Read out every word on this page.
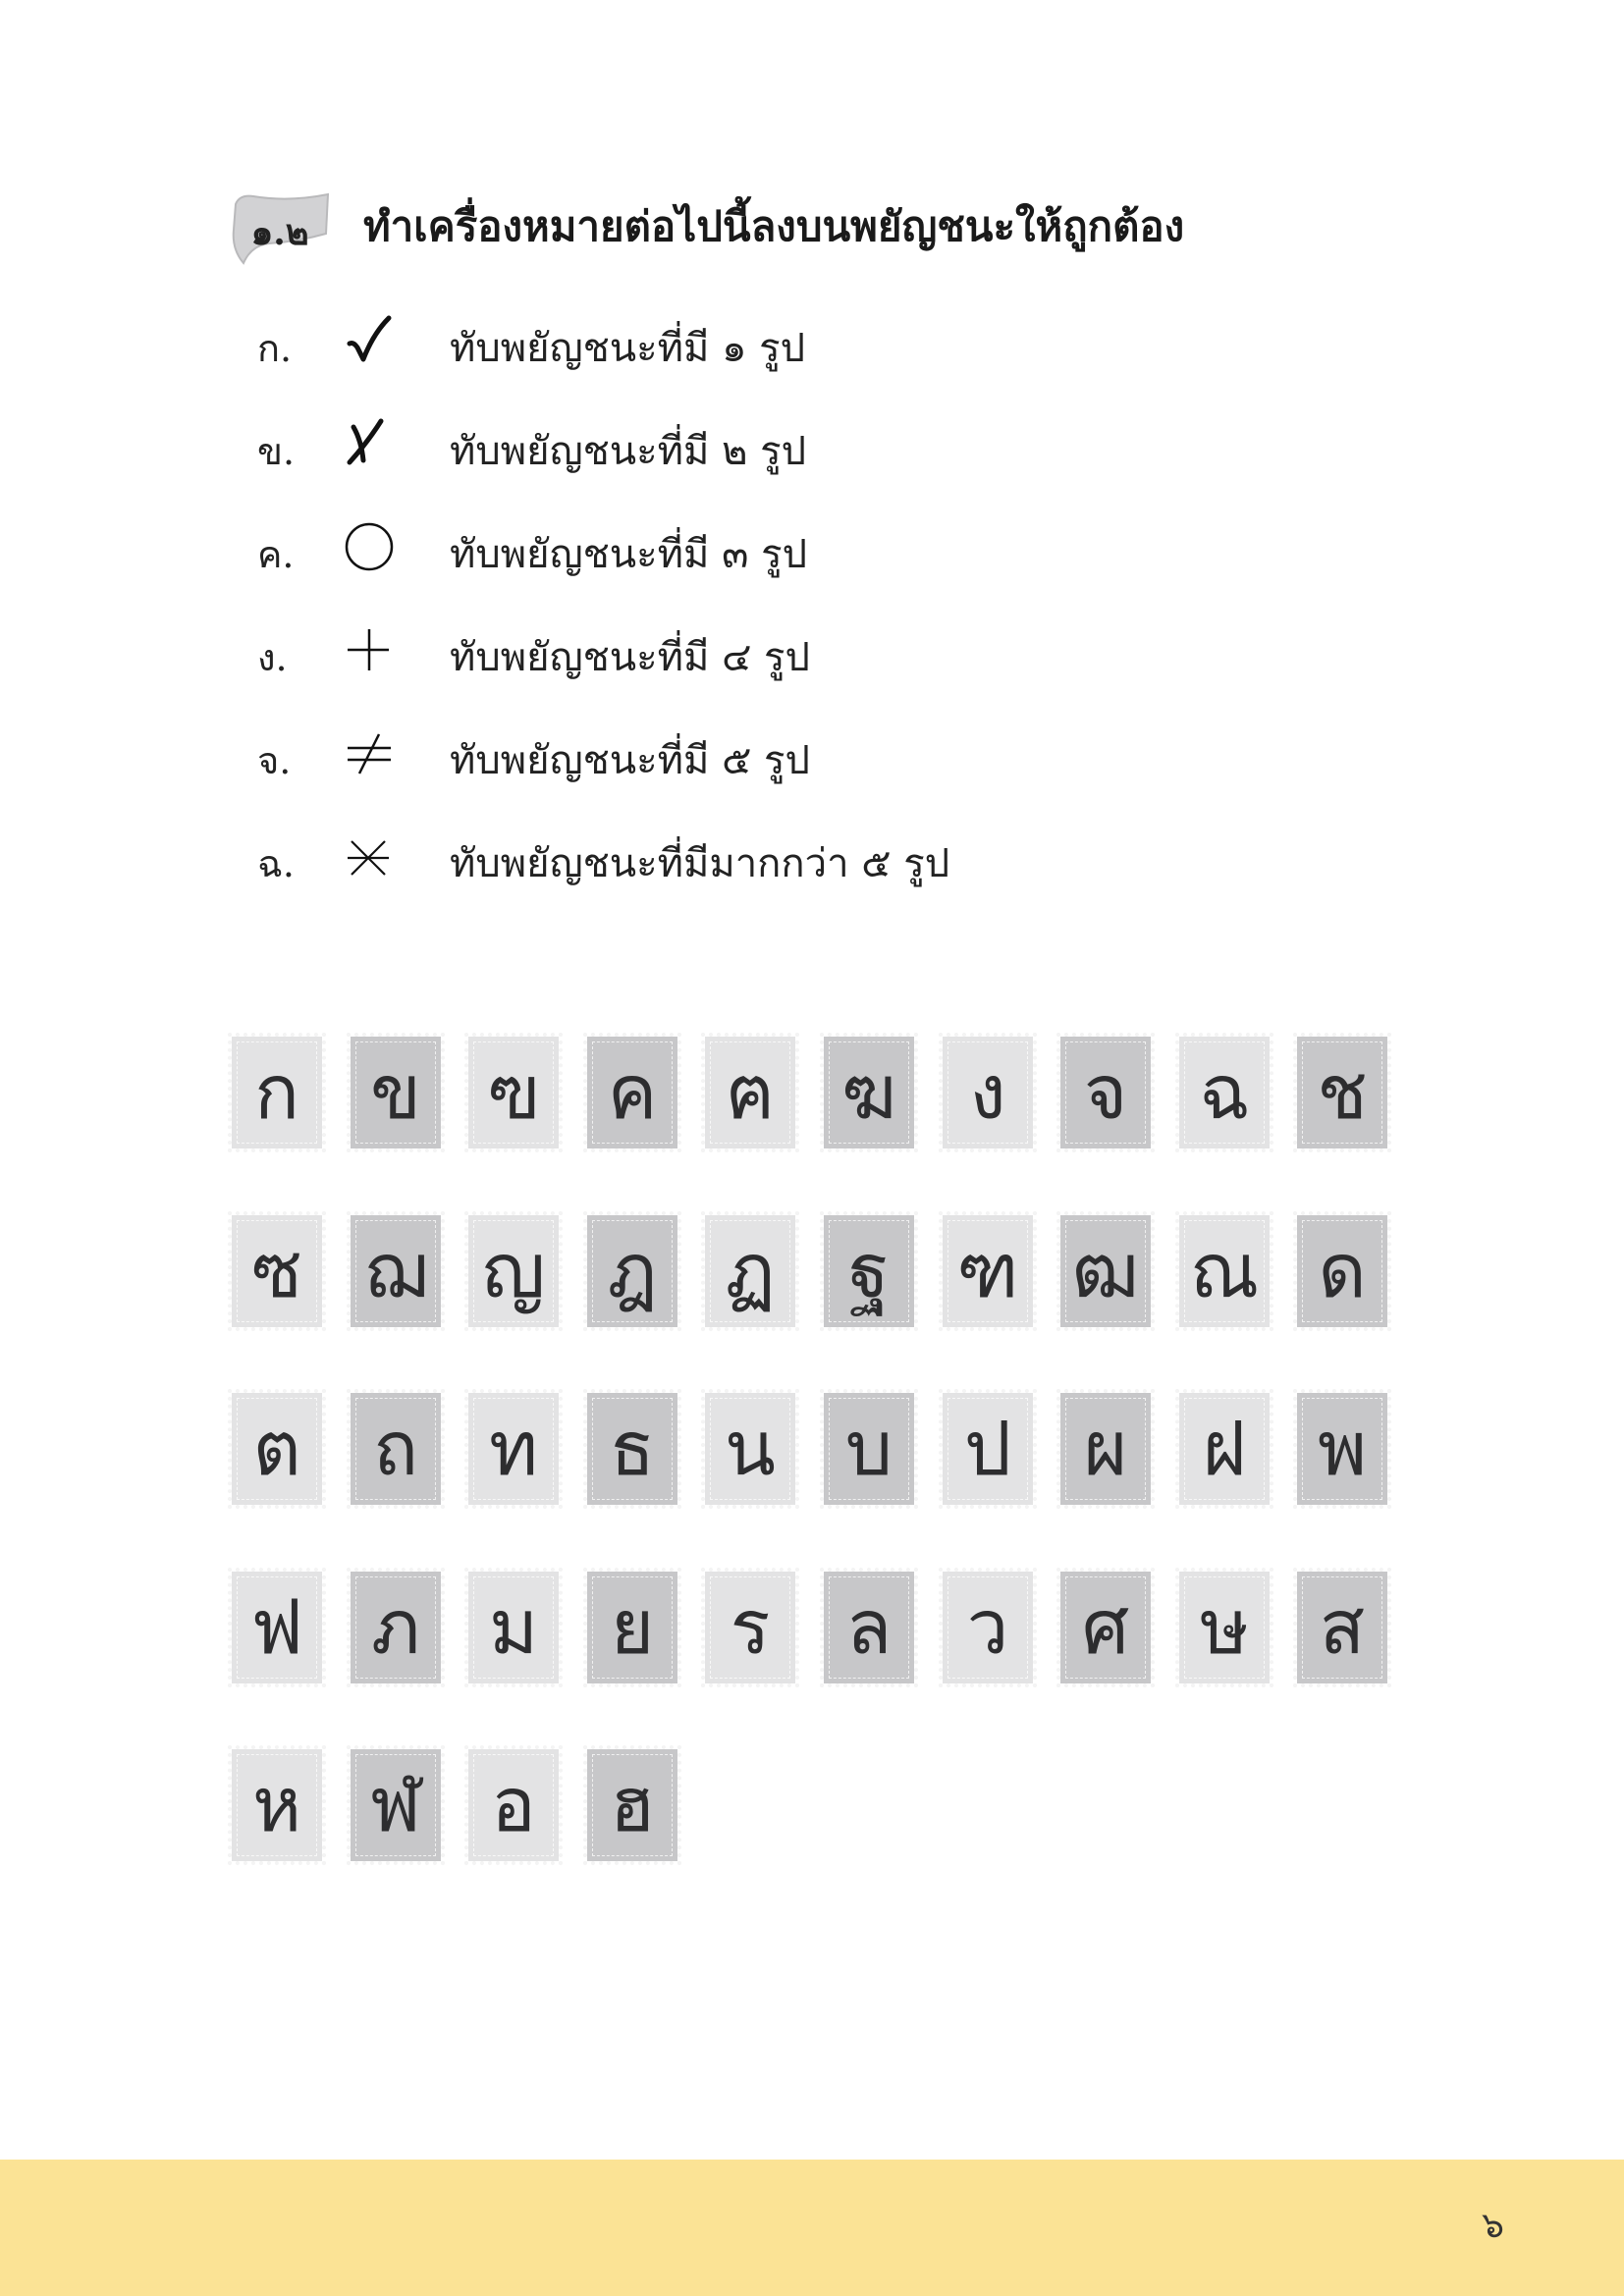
๑.๒	ทำเครื่องหมายต่อไปนี้ลงบนพยัญชนะให้ถูกต้อง
ก.	ทับพยัญชนะที่มี ๑ รูป
ข.	ทับพยัญชนะที่มี ๒ รูป
ค.	ทับพยัญชนะที่มี ๓ รูป
ง.	ทับพยัญชนะที่มี ๔ รูป
จ.	ทับพยัญชนะที่มี ๕ รูป
ฉ.	ทับพยัญชนะที่มีมากกว่า ๕ รูป
ก ข ฃ ค ฅ ฆ ง จ ฉ ช
ซ ฌ ญ ฎ ฏ ฐ ฑ ฒ ณ ด
ต ถ ท ธ น บ ป ผ ฝ พ
ฟ ภ ม ย ร ล ว ศ ษ ส
ห ฬ อ ฮ
๖
